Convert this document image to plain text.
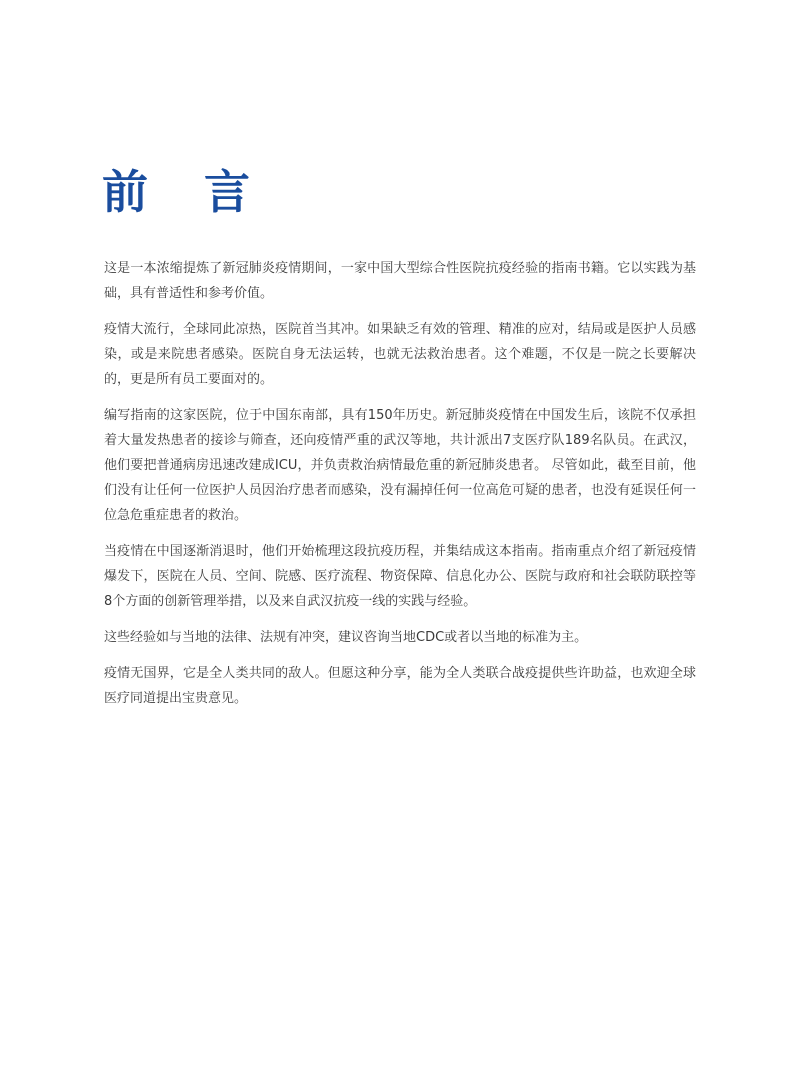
前 言

这是一本浓缩提炼了新冠肺炎疫情期间，一家中国大型综合性医院抗疫经验的指南书籍。它以实践为基础，具有普适性和参考价值。

疫情大流行，全球同此凉热，医院首当其冲。如果缺乏有效的管理、精准的应对，结局或是医护人员感染，或是来院患者感染。医院自身无法运转，也就无法救治患者。这个难题，不仅是一院之长要解决的，更是所有员工要面对的。

编写指南的这家医院，位于中国东南部，具有150年历史。新冠肺炎疫情在中国发生后，该院不仅承担着大量发热患者的接诊与筛查，还向疫情严重的武汉等地，共计派出7支医疗队189名队员。在武汉，他们要把普通病房迅速改建成ICU，并负责救治病情最危重的新冠肺炎患者。 尽管如此，截至目前，他们没有让任何一位医护人员因治疗患者而感染，没有漏掉任何一位高危可疑的患者，也没有延误任何一位急危重症患者的救治。

当疫情在中国逐渐消退时，他们开始梳理这段抗疫历程，并集结成这本指南。指南重点介绍了新冠疫情爆发下，医院在人员、空间、院感、医疗流程、物资保障、信息化办公、医院与政府和社会联防联控等8个方面的创新管理举措，以及来自武汉抗疫一线的实践与经验。

这些经验如与当地的法律、法规有冲突，建议咨询当地CDC或者以当地的标准为主。

疫情无国界，它是全人类共同的敌人。但愿这种分享，能为全人类联合战疫提供些许助益，也欢迎全球医疗同道提出宝贵意见。
